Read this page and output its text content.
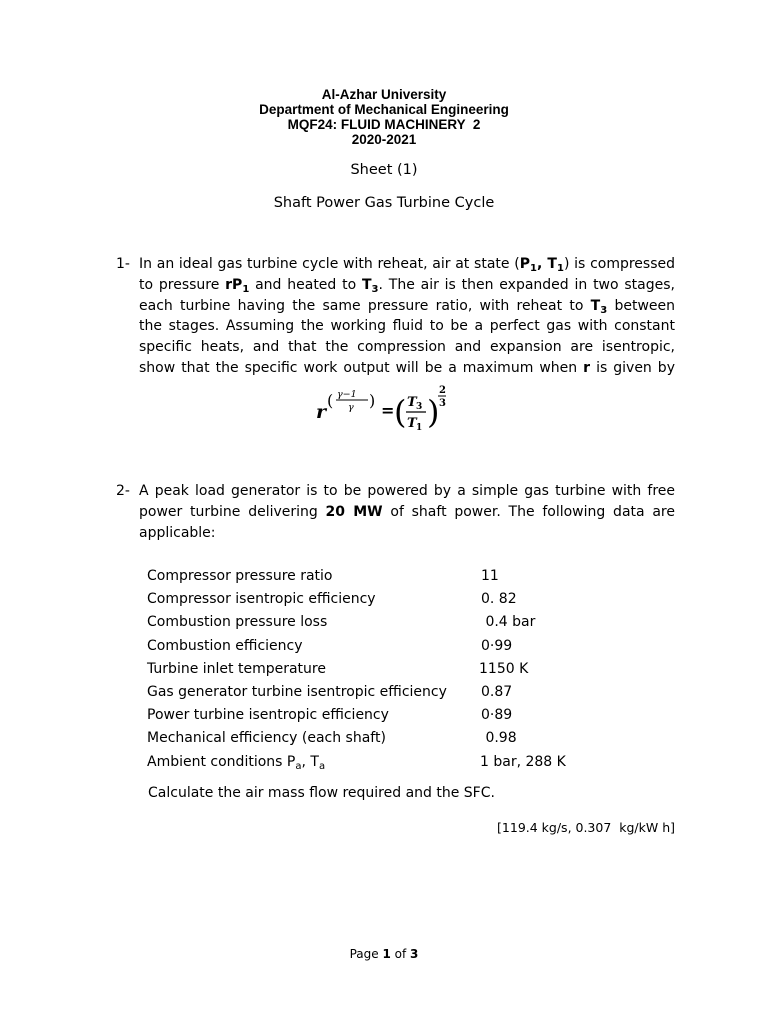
Al-Azhar University
Department of Mechanical Engineering
MQF24: FLUID MACHINERY  2
2020-2021
Sheet (1)
Shaft Power Gas Turbine Cycle
1- In an ideal gas turbine cycle with reheat, air at state ($P_1$, $T_1$) is compressed
to pressure $rP_1$ and heated to $T_3$. The air is then expanded in two stages,
each turbine having the same pressure ratio, with reheat to $T_3$ between
the stages. Assuming the working fluid to be a perfect gas with constant
specific heats, and that the compression and expansion are isentropic,
show that the specific work output will be a maximum when r is given by
r
( γ−1
γ )
= ( T 3
T 1 )
2
3
2- A peak load generator is to be powered by a simple gas turbine with free
power turbine delivering 20 MW of shaft power. The following data are
applicable:
Compressor pressure ratio	11
Compressor isentropic efficiency	0. 82
Combustion pressure loss	0.4 bar
Combustion efficiency	0·99
Turbine inlet temperature	1150 K
Gas generator turbine isentropic efficiency 0.87
Power turbine isentropic efficiency	0·89
Mechanical efficiency (each shaft)	0.98
Ambient conditions $P_a$, $T_a$	1 bar, 288 K
Calculate the air mass flow required and the SFC.
[119.4 kg/s, 0.307  kg/kW h]
Page 1 of 3
